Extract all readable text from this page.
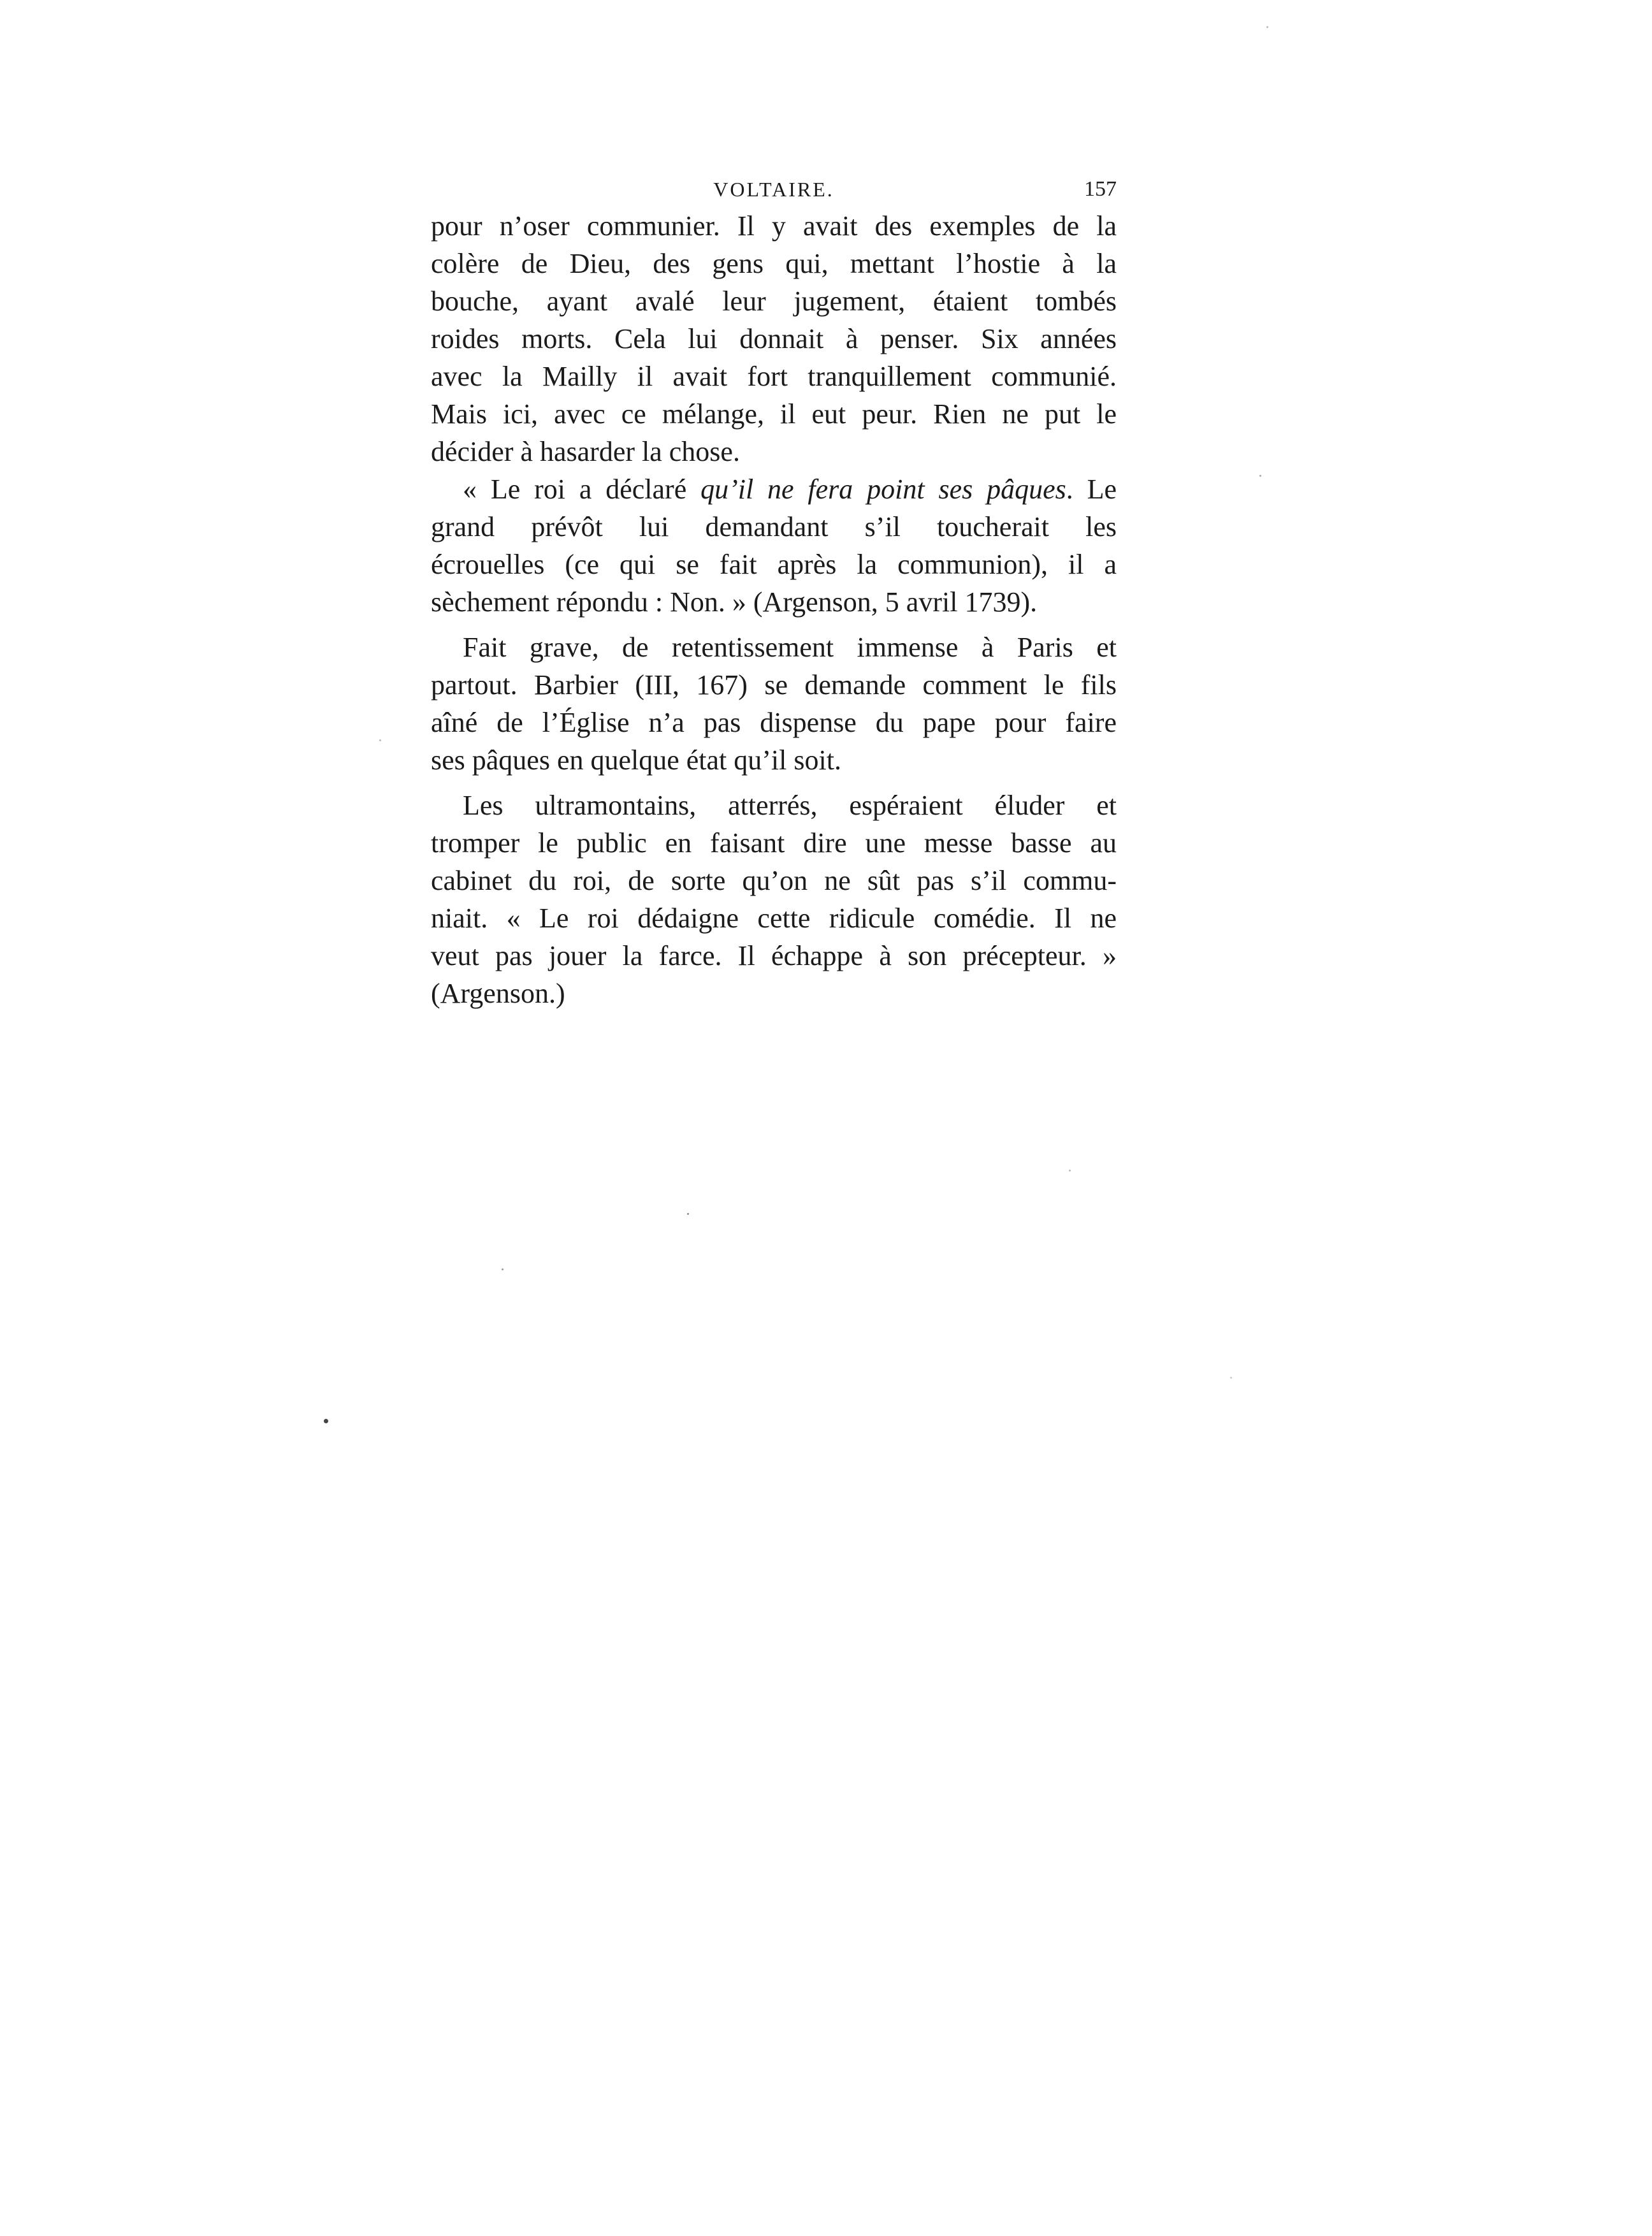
VOLTAIRE.	157
pour n’oser communier. Il y avait des exemples de la
colère de Dieu, des gens qui, mettant l’hostie à la
bouche, ayant avalé leur jugement, étaient tombés
roides morts. Cela lui donnait à penser. Six années
avec la Mailly il avait fort tranquillement communié.
Mais ici, avec ce mélange, il eut peur. Rien ne put le
décider à hasarder la chose.
« Le roi a déclaré qu’il ne fera point ses pâques. Le
grand prévôt lui demandant s’il toucherait les
écrouelles (ce qui se fait après la communion), il a
sèchement répondu : Non. » (Argenson, 5 avril 1739).
Fait grave, de retentissement immense à Paris et
partout. Barbier (III, 167) se demande comment le fils
aîné de l’Église n’a pas dispense du pape pour faire
ses pâques en quelque état qu’il soit.
Les ultramontains, atterrés, espéraient éluder et
tromper le public en faisant dire une messe basse au
cabinet du roi, de sorte qu’on ne sût pas s’il commu-
niait. « Le roi dédaigne cette ridicule comédie. Il ne
veut pas jouer la farce. Il échappe à son précepteur. »
(Argenson.)
